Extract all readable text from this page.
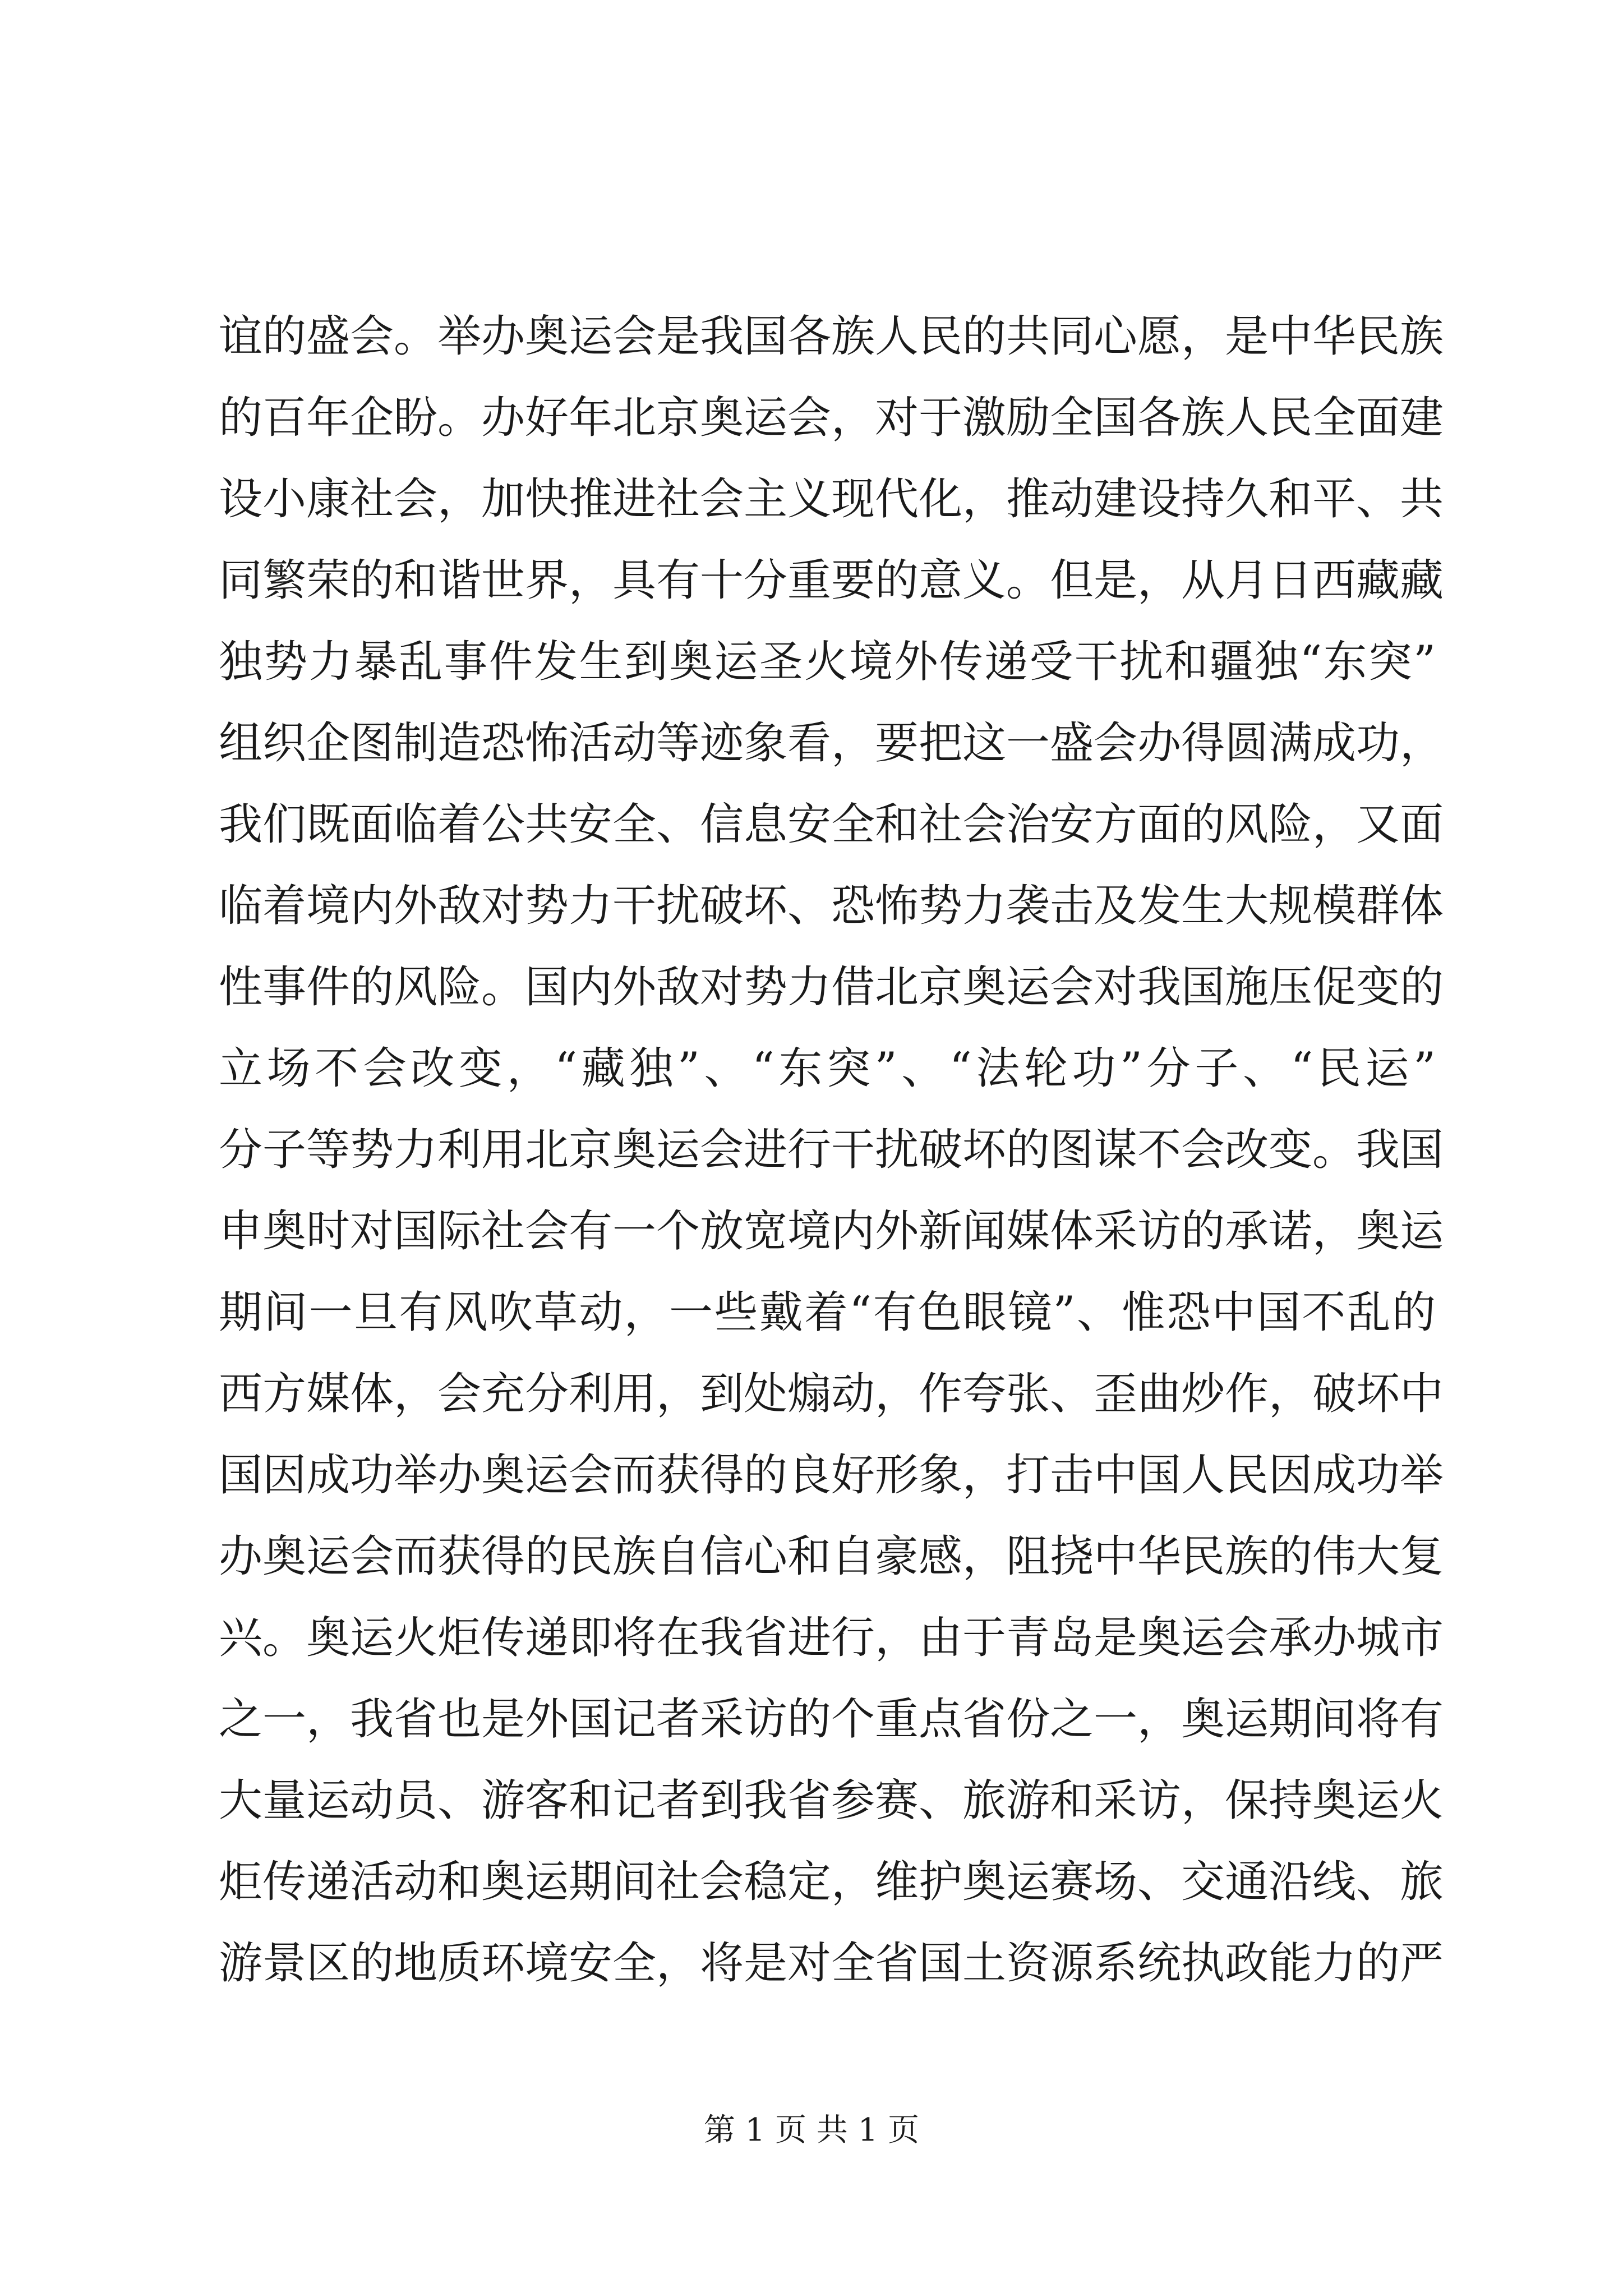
谊的盛会。举办奥运会是我国各族人民的共同心愿，是中华民族
的百年企盼。办好年北京奥运会，对于激励全国各族人民全面建
设小康社会，加快推进社会主义现代化，推动建设持久和平、共
同繁荣的和谐世界，具有十分重要的意义。但是，从月日西藏藏
独势力暴乱事件发生到奥运圣火境外传递受干扰和疆独“东突”
组织企图制造恐怖活动等迹象看，要把这一盛会办得圆满成功，
我们既面临着公共安全、信息安全和社会治安方面的风险，又面
临着境内外敌对势力干扰破坏、恐怖势力袭击及发生大规模群体
性事件的风险。国内外敌对势力借北京奥运会对我国施压促变的
立场不会改变，“藏独”、“东突”、“法轮功”分子、“民运”
分子等势力利用北京奥运会进行干扰破坏的图谋不会改变。我国
申奥时对国际社会有一个放宽境内外新闻媒体采访的承诺，奥运
期间一旦有风吹草动，一些戴着“有色眼镜”、惟恐中国不乱的
西方媒体，会充分利用，到处煽动，作夸张、歪曲炒作，破坏中
国因成功举办奥运会而获得的良好形象，打击中国人民因成功举
办奥运会而获得的民族自信心和自豪感，阻挠中华民族的伟大复
兴。奥运火炬传递即将在我省进行，由于青岛是奥运会承办城市
之一，我省也是外国记者采访的个重点省份之一，奥运期间将有
大量运动员、游客和记者到我省参赛、旅游和采访，保持奥运火
炬传递活动和奥运期间社会稳定，维护奥运赛场、交通沿线、旅
游景区的地质环境安全，将是对全省国土资源系统执政能力的严
第 1 页 共 1 页
